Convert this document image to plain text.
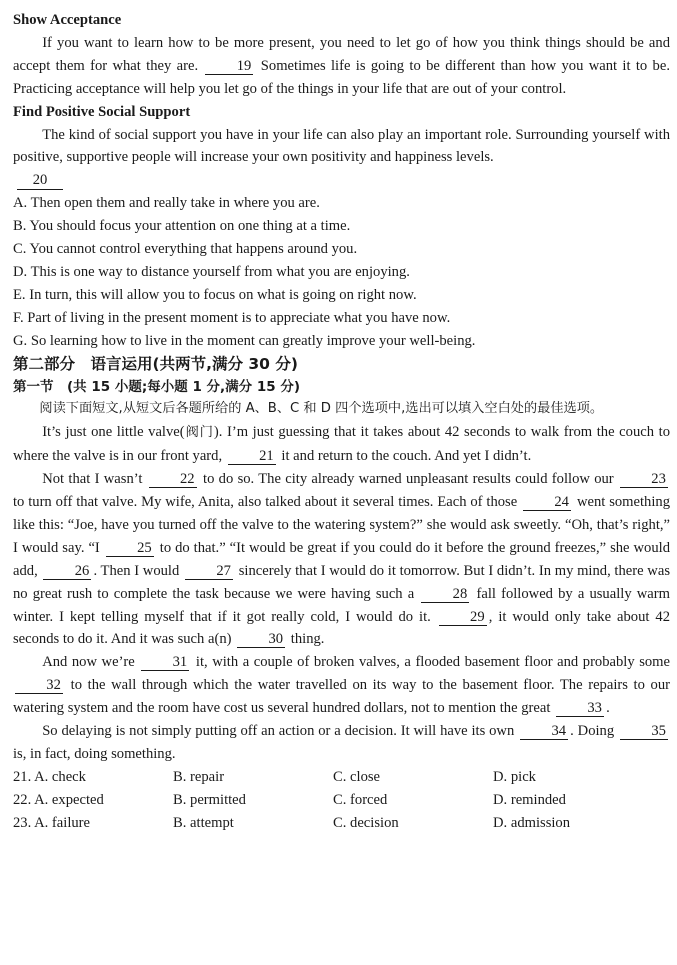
Show Acceptance

If you want to learn how to be more present, you need to let go of how you think things should be and accept them for what they are.	19 Sometimes life is going to be different than how you want it to be. Practicing acceptance will help you let go of the things in your life that are out of your control.

Find Positive Social Support

The kind of social support you have in your life can also play an important role. Surrounding yourself with positive, supportive people will increase your own positivity and happiness levels.

20
A. Then open them and really take in where you are.
B. You should focus your attention on one thing at a time.
C. You cannot control everything that happens around you.
D. This is one way to distance yourself from what you are enjoying.
E. In turn, this will allow you to focus on what is going on right now.
F. Part of living in the present moment is to appreciate what you have now.
G. So learning how to live in the moment can greatly improve your well-being.
第二部分　语言运用(共两节,满分 30 分)
第一节　(共 15 小题;每小题 1 分,满分 15 分)

阅读下面短文,从短文后各题所给的 A、B、C 和 D 四个选项中,选出可以填入空白处的最佳选项。

It’s just one little valve(阀门). I’m just guessing that it takes about 42 seconds to walk from the couch to where the valve is in our front yard,	21 it and return to the couch. And yet I didn’t.

Not that I wasn’t	22 to do so. The city already warned unpleasant results could follow our	23 to turn off that valve. My wife, Anita, also talked about it several times. Each of those	24 went something like this: “Joe, have you turned off the valve to the watering system?” she would ask sweetly. “Oh, that’s right,” I would say. “I	25 to do that.” “It would be great if you could do it before the ground freezes,” she would add,	26 . Then I would	27 sincerely that I would do it tomorrow. But I didn’t. In my mind, there was no great rush to complete the task because we were having such a	28 fall followed by a usually warm winter. I kept telling myself that if it got really cold, I would do it.	29 , it would only take about 42 seconds to do it. And it was such a(n)	30 thing.

And now we’re	31 it, with a couple of broken valves, a flooded basement floor and probably some 32 to the wall through which the water travelled on its way to the basement floor. The repairs to our watering system and the room have cost us several hundred dollars, not to mention the great	33 .

So delaying is not simply putting off an action or a decision. It will have its own	34 . Doing	35 is, in fact, doing something.

21. A. check	B. repair	C. close	D. pick
22. A. expected	B. permitted	C. forced	D. reminded
23. A. failure	B. attempt	C. decision	D. admission
